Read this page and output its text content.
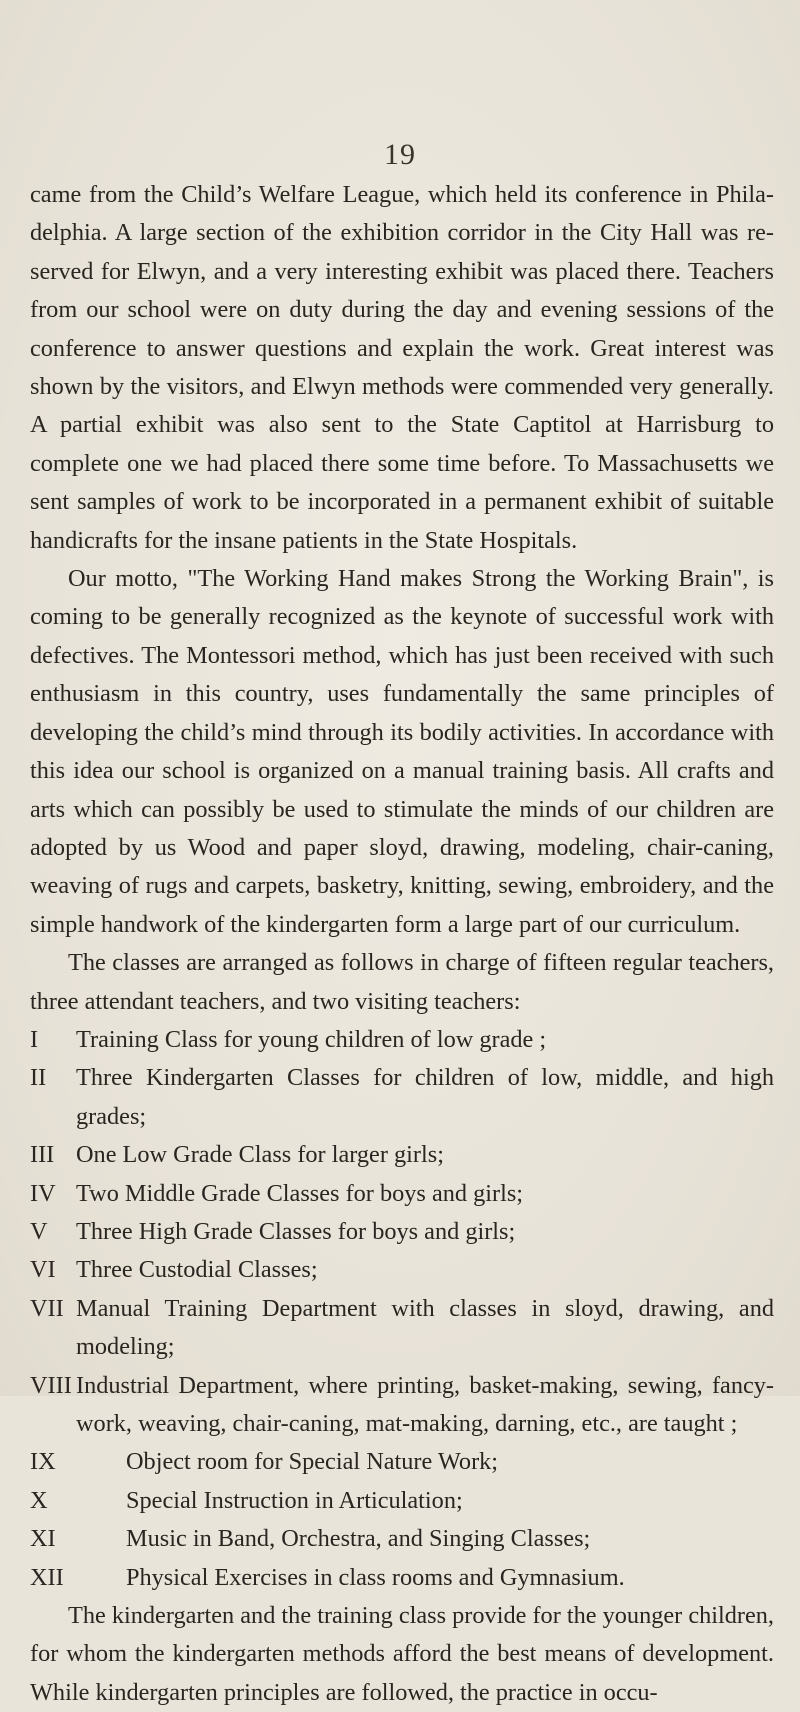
19

came from the Child’s Welfare League, which held its conference in Philadelphia. A large section of the exhibition corridor in the City Hall was reserved for Elwyn, and a very interesting exhibit was placed there. Teachers from our school were on duty during the day and evening sessions of the conference to answer questions and explain the work. Great interest was shown by the visitors, and Elwyn methods were commended very generally. A partial exhibit was also sent to the State Captitol at Harrisburg to complete one we had placed there some time before. To Massachusetts we sent samples of work to be incorporated in a permanent exhibit of suitable handicrafts for the insane patients in the State Hospitals.

Our motto, "The Working Hand makes Strong the Working Brain", is coming to be generally recognized as the keynote of successful work with defectives. The Montessori method, which has just been received with such enthusiasm in this country, uses fundamentally the same principles of developing the child’s mind through its bodily activities. In accordance with this idea our school is organized on a manual training basis. All crafts and arts which can possibly be used to stimulate the minds of our children are adopted by us Wood and paper sloyd, drawing, modeling, chair-caning, weaving of rugs and carpets, basketry, knitting, sewing, embroidery, and the simple handwork of the kindergarten form a large part of our curriculum.

The classes are arranged as follows in charge of fifteen regular teachers, three attendant teachers, and two visiting teachers:

I	Training Class for young children of low grade ;
II	Three Kindergarten Classes for children of low, middle, and high grades;
III One Low Grade Class for larger girls;
IV Two Middle Grade Classes for boys and girls;
V	Three High Grade Classes for boys and girls;
VI Three Custodial Classes;
VII Manual Training Department with classes in sloyd, drawing, and modeling;
VIII Industrial Department, where printing, basket-making, sewing, fancy-work, weaving, chair-caning, mat-making, darning, etc., are taught ;
IX	Object room for Special Nature Work;
X	Special Instruction in Articulation;
XI	Music in Band, Orchestra, and Singing Classes;
XII	Physical Exercises in class rooms and Gymnasium.

The kindergarten and the training class provide for the younger children, for whom the kindergarten methods afford the best means of development. While kindergarten principles are followed, the practice in occu-
